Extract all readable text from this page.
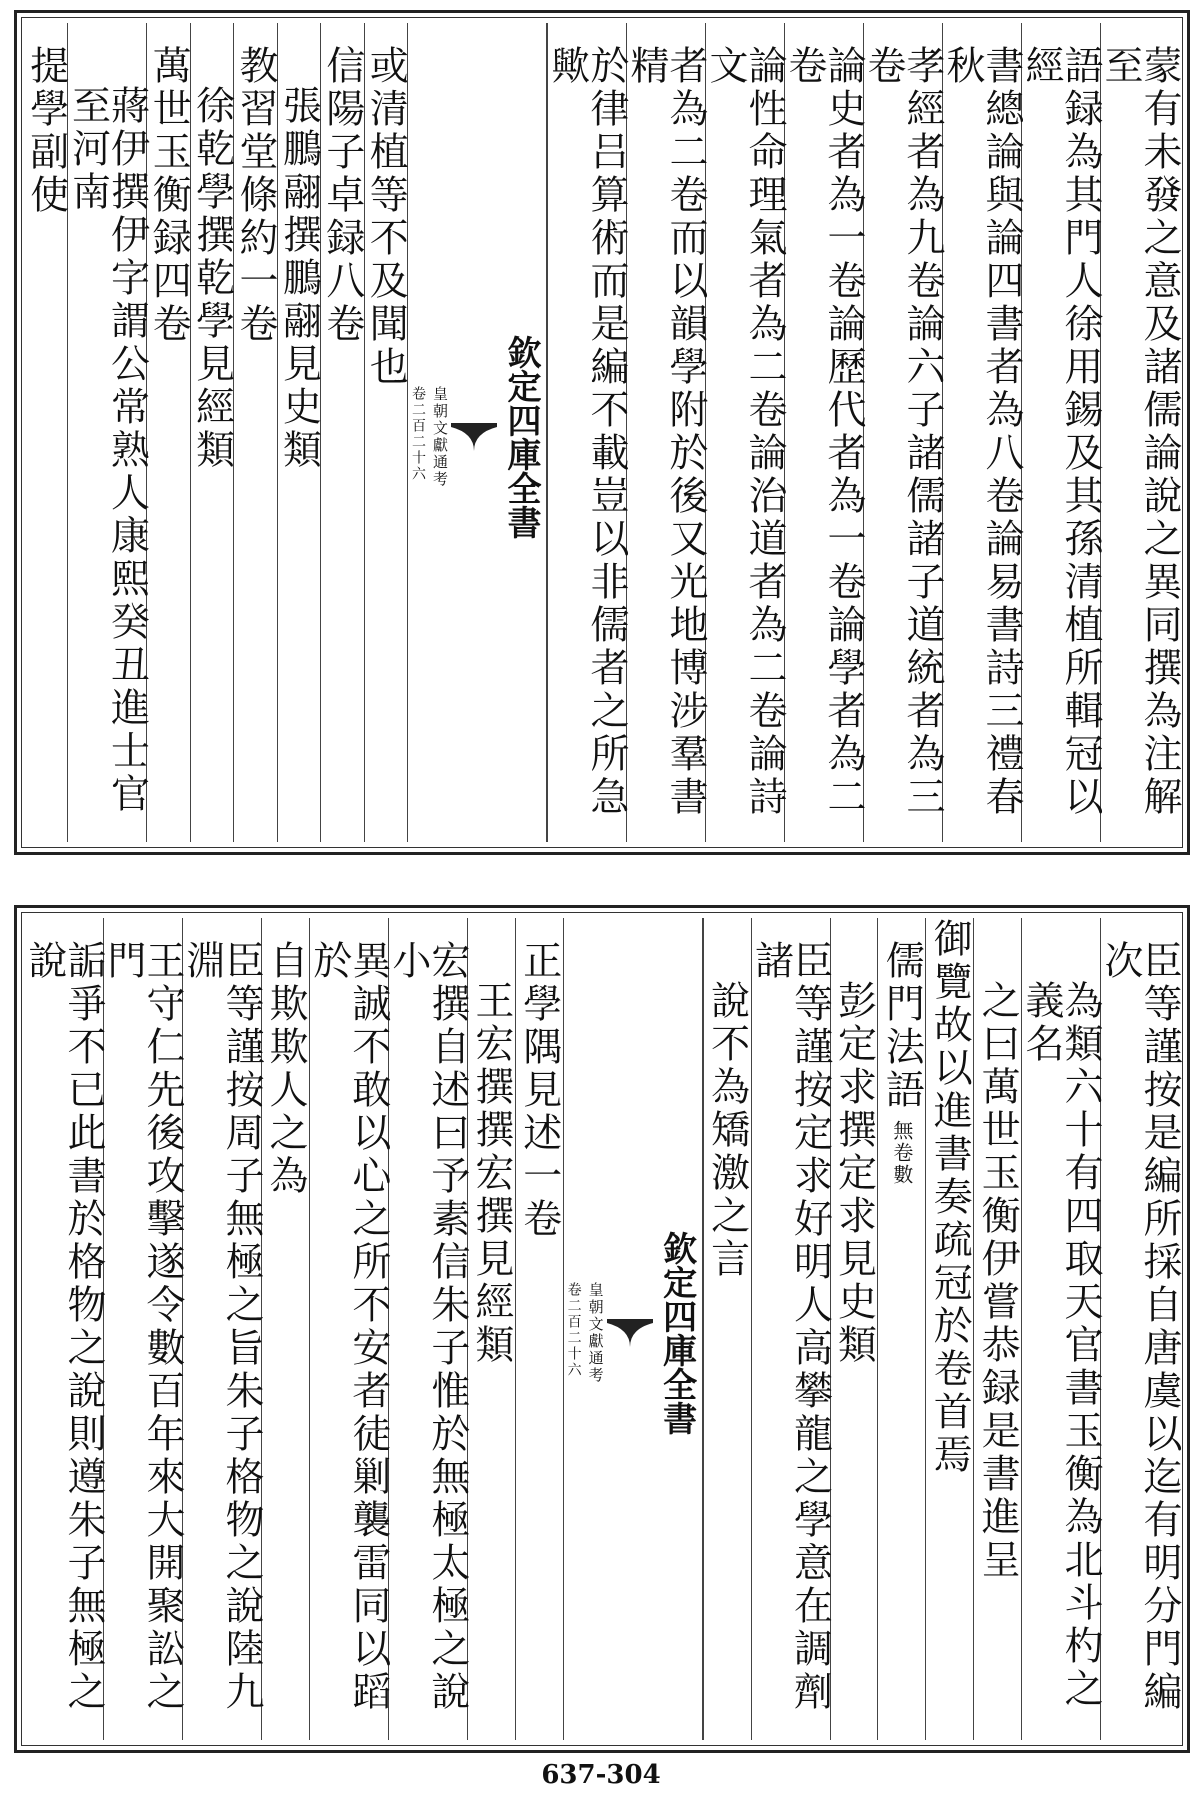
蒙有未發之意及諸儒論說之異同撰為注解至
語録為其門人徐用錫及其孫清植所輯冠以經
書總論與論四書者為八卷論易書詩三禮春秋
孝經者為九卷論六子諸儒諸子道統者為三卷
論史者為一卷論歷代者為一卷論學者為二卷
論性命理氣者為二卷論治道者為二卷論詩文
者為二卷而以韻學附於後又光地博涉羣書精
於律吕算術而是編不載豈以非儒者之所急歟
欽定四庫全書
皇朝文獻通考
卷二百二十六
或清植等不及聞也
信陽子卓録八卷
張鵬翮撰鵬翮見史類
教習堂條約一卷
徐乾學撰乾學見經類
萬世玉衡録四卷
蔣伊撰伊字謂公常熟人康熙癸丑進士官至河南
提學副使
臣等謹按是編所採自唐虞以迄有明分門編次
為類六十有四取天官書玉衡為北斗杓之義名
之曰萬世玉衡伊嘗恭録是書進呈
御覽故以進書奏疏冠於卷首焉
儒門法語
無卷數
彭定求撰定求見史類
臣等謹按定求好明人高攀龍之學意在調劑諸
說不為矯激之言
欽定四庫全書
皇朝文獻通考
卷二百二十六
正學隅見述一卷
王宏撰撰宏撰見經類
宏撰自述曰予素信朱子惟於無極太極之說小
異誠不敢以心之所不安者徒剿襲雷同以蹈於
自欺欺人之為
臣等謹按周子無極之旨朱子格物之說陸九淵
王守仁先後攻擊遂令數百年來大開聚訟之門
詬爭不已此書於格物之說則遵朱子無極之說
637-304
